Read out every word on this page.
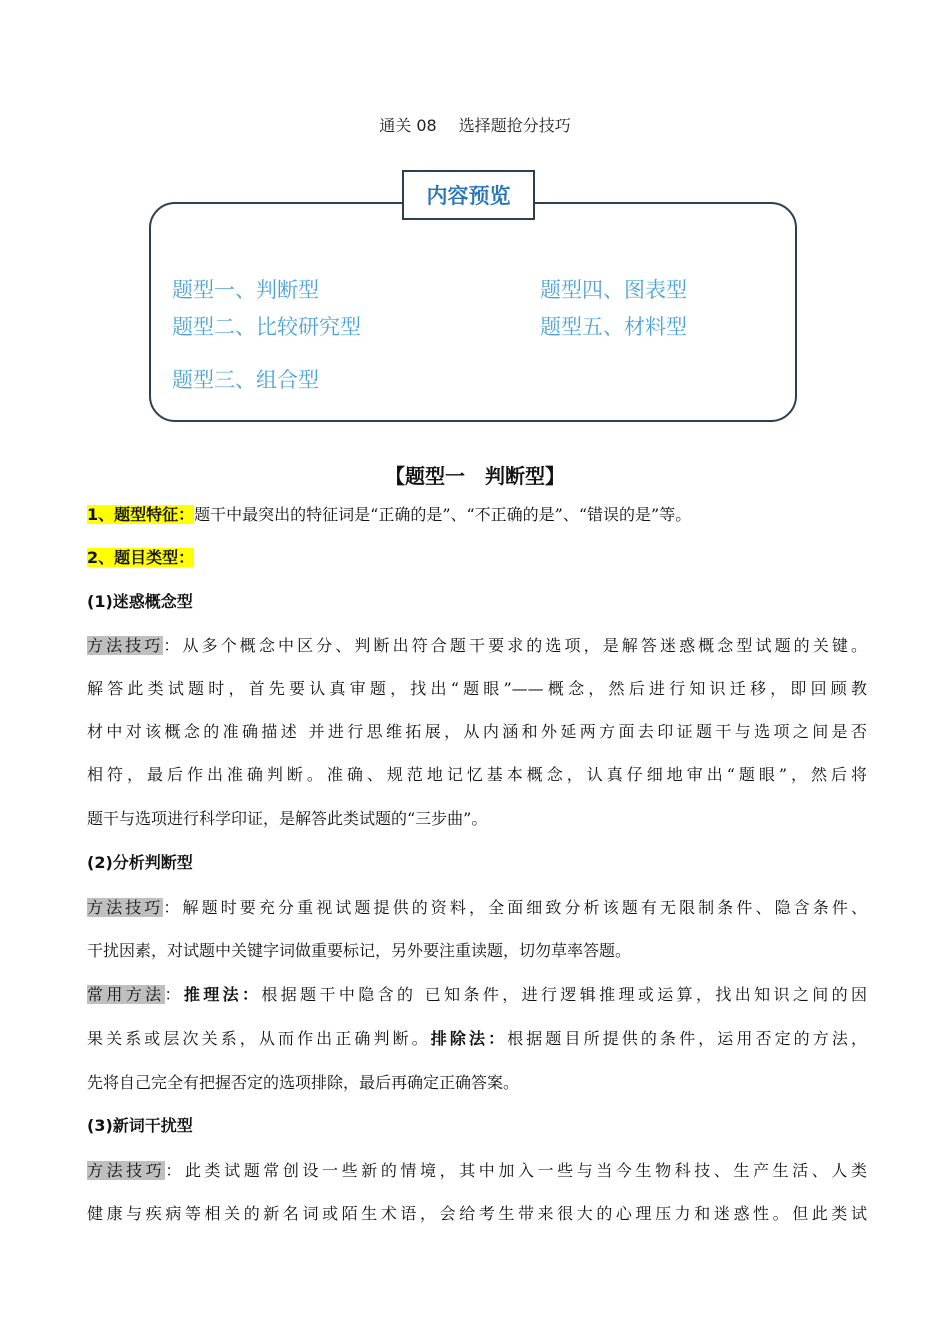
通关 08 选择题抢分技巧
内容预览
题型一、判断型
题型二、比较研究型
题型三、组合型
题型四、图表型
题型五、材料型
【题型一　判断型】
1、题型特征：题干中最突出的特征词是“正确的是”、“不正确的是”、“错误的是”等。
2、题目类型：
(1)迷惑概念型
方法技巧：从多个概念中区分、判断出符合题干要求的选项，是解答迷惑概念型试题的关键。
解答此类试题时，首先要认真审题，找出“题眼”——概念，然后进行知识迁移，即回顾教
材中对该概念的准确描述 并进行思维拓展，从内涵和外延两方面去印证题干与选项之间是否
相符，最后作出准确判断。准确、规范地记忆基本概念，认真仔细地审出“题眼”，然后将
题干与选项进行科学印证，是解答此类试题的“三步曲”。
(2)分析判断型
方法技巧：解题时要充分重视试题提供的资料，全面细致分析该题有无限制条件、隐含条件、
干扰因素，对试题中关键字词做重要标记，另外要注重读题，切勿草率答题。
常用方法：推理法：根据题干中隐含的 已知条件，进行逻辑推理或运算，找出知识之间的因
果关系或层次关系，从而作出正确判断。排除法：根据题目所提供的条件，运用否定的方法，
先将自己完全有把握否定的选项排除，最后再确定正确答案。
(3)新词干扰型
方法技巧：此类试题常创设一些新的情境，其中加入一些与当今生物科技、生产生活、人类
健康与疾病等相关的新名词或陌生术语，会给考生带来很大的心理压力和迷惑性。但此类试
